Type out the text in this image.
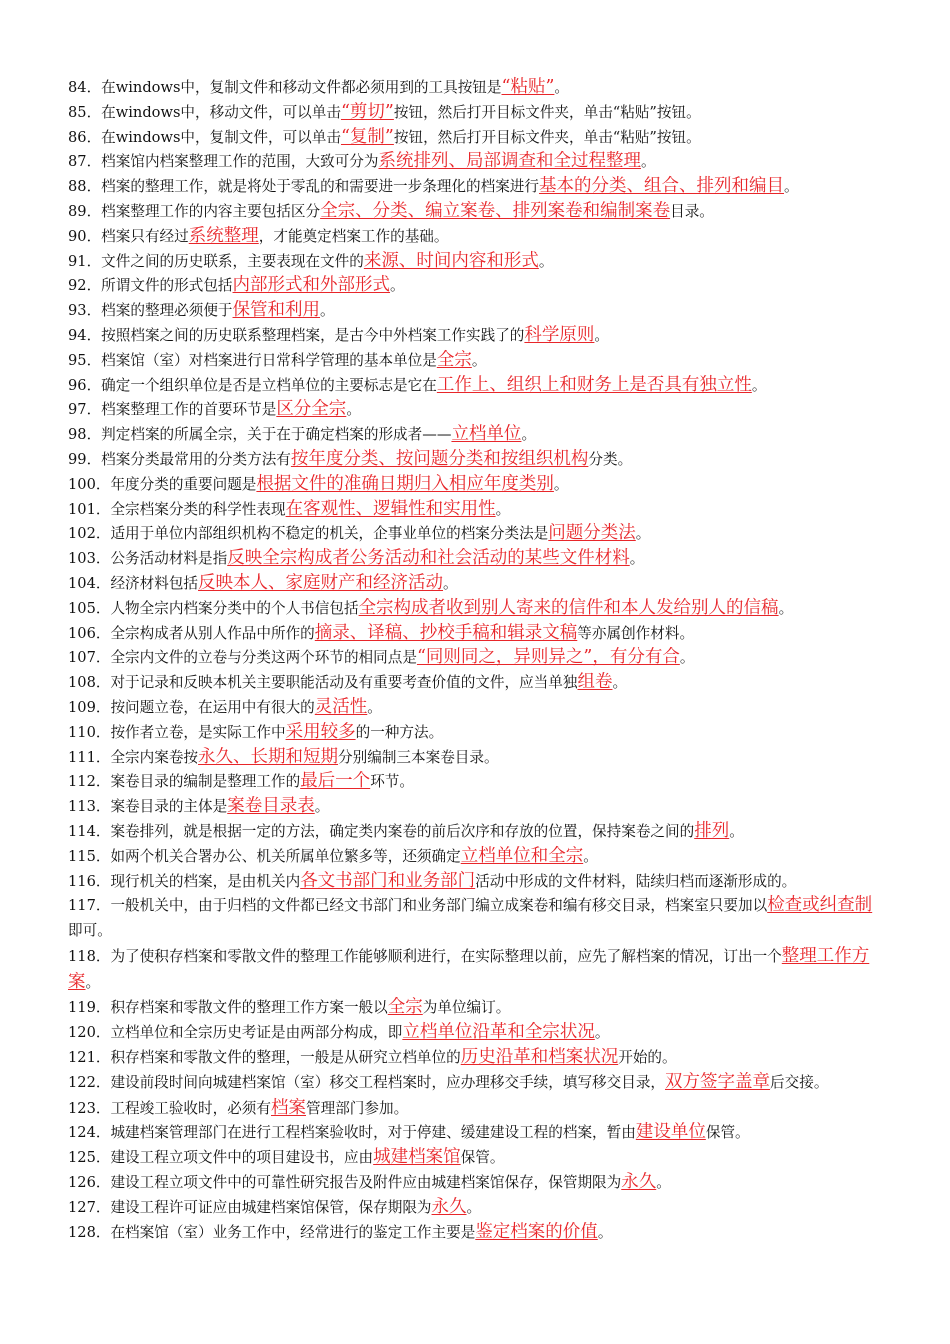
84．在windows中，复制文件和移动文件都必须用到的工具按钮是“粘贴”。
85．在windows中，移动文件，可以单击“剪切”按钮，然后打开目标文件夹，单击“粘贴”按钮。
86．在windows中，复制文件，可以单击“复制”按钮，然后打开目标文件夹，单击“粘贴”按钮。
87．档案馆内档案整理工作的范围，大致可分为系统排列、局部调查和全过程整理。
88．档案的整理工作，就是将处于零乱的和需要进一步条理化的档案进行基本的分类、组合、排列和编目。
89．档案整理工作的内容主要包括区分全宗、分类、编立案卷、排列案卷和编制案卷目录。
90．档案只有经过系统整理，才能奠定档案工作的基础。
91．文件之间的历史联系，主要表现在文件的来源、时间内容和形式。
92．所谓文件的形式包括内部形式和外部形式。
93．档案的整理必须便于保管和利用。
94．按照档案之间的历史联系整理档案，是古今中外档案工作实践了的科学原则。
95．档案馆（室）对档案进行日常科学管理的基本单位是全宗。
96．确定一个组织单位是否是立档单位的主要标志是它在工作上、组织上和财务上是否具有独立性。
97．档案整理工作的首要环节是区分全宗。
98．判定档案的所属全宗，关于在于确定档案的形成者——立档单位。
99．档案分类最常用的分类方法有按年度分类、按问题分类和按组织机构分类。
100．年度分类的重要问题是根据文件的准确日期归入相应年度类别。
101．全宗档案分类的科学性表现在客观性、逻辑性和实用性。
102．适用于单位内部组织机构不稳定的机关，企事业单位的档案分类法是问题分类法。
103．公务活动材料是指反映全宗构成者公务活动和社会活动的某些文件材料。
104．经济材料包括反映本人、家庭财产和经济活动。
105．人物全宗内档案分类中的个人书信包括全宗构成者收到别人寄来的信件和本人发给别人的信稿。
106．全宗构成者从别人作品中所作的摘录、译稿、抄校手稿和辑录文稿等亦属创作材料。
107．全宗内文件的立卷与分类这两个环节的相同点是“同则同之，异则异之”，有分有合。
108．对于记录和反映本机关主要职能活动及有重要考查价值的文件，应当单独组卷。
109．按问题立卷，在运用中有很大的灵活性。
110．按作者立卷，是实际工作中采用较多的一种方法。
111．全宗内案卷按永久、长期和短期分别编制三本案卷目录。
112．案卷目录的编制是整理工作的最后一个环节。
113．案卷目录的主体是案卷目录表。
114．案卷排列，就是根据一定的方法，确定类内案卷的前后次序和存放的位置，保持案卷之间的排列。
115．如两个机关合署办公、机关所属单位繁多等，还须确定立档单位和全宗。
116．现行机关的档案，是由机关内各文书部门和业务部门活动中形成的文件材料，陆续归档而逐渐形成的。
117．一般机关中，由于归档的文件都已经文书部门和业务部门编立成案卷和编有移交目录，档案室只要加以检查或纠查制即可。
118．为了使积存档案和零散文件的整理工作能够顺利进行，在实际整理以前，应先了解档案的情况，订出一个整理工作方案。
119．积存档案和零散文件的整理工作方案一般以全宗为单位编订。
120．立档单位和全宗历史考证是由两部分构成，即立档单位沿革和全宗状况。
121．积存档案和零散文件的整理，一般是从研究立档单位的历史沿革和档案状况开始的。
122．建设前段时间向城建档案馆（室）移交工程档案时，应办理移交手续，填写移交目录，双方签字盖章后交接。
123．工程竣工验收时，必须有档案管理部门参加。
124．城建档案管理部门在进行工程档案验收时，对于停建、缓建建设工程的档案，暂由建设单位保管。
125．建设工程立项文件中的项目建设书，应由城建档案馆保管。
126．建设工程立项文件中的可靠性研究报告及附件应由城建档案馆保存，保管期限为永久。
127．建设工程许可证应由城建档案馆保管，保存期限为永久。
128．在档案馆（室）业务工作中，经常进行的鉴定工作主要是鉴定档案的价值。
